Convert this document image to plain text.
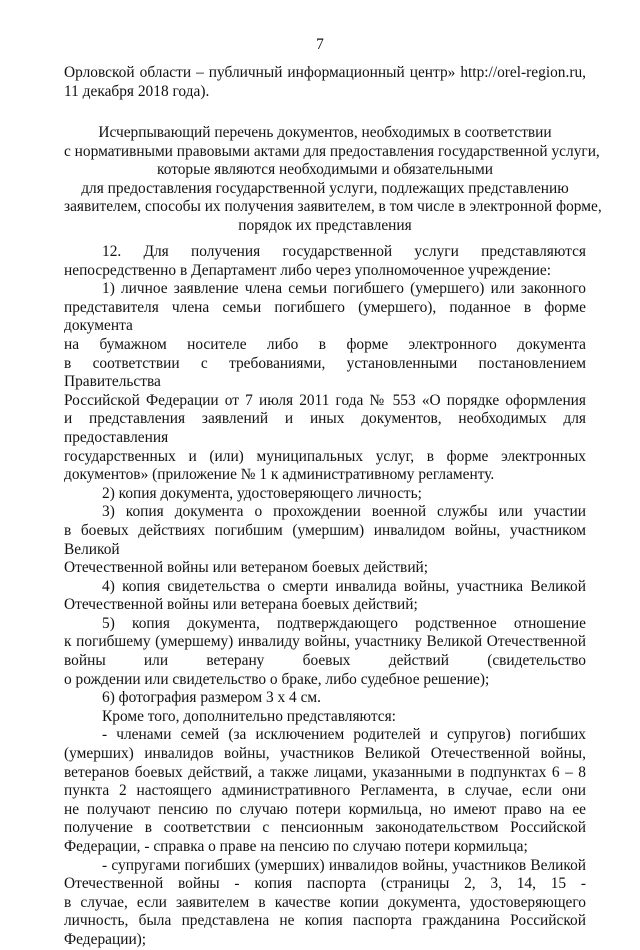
7
Орловской области – публичный информационный центр» http://orel-region.ru,
11 декабря 2018 года).
Исчерпывающий перечень документов, необходимых в соответствии
с нормативными правовыми актами для предоставления государственной услуги,
которые являются необходимыми и обязательными
для предоставления государственной услуги, подлежащих представлению
заявителем, способы их получения заявителем, в том числе в электронной форме,
порядок их представления
12. Для получения государственной услуги представляются
непосредственно в Департамент либо через уполномоченное учреждение:
1) личное заявление члена семьи погибшего (умершего) или законного
представителя члена семьи погибшего (умершего), поданное в форме документа
на бумажном носителе либо в форме электронного документа
в соответствии с требованиями, установленными постановлением Правительства
Российской Федерации от 7 июля 2011 года № 553 «О порядке оформления
и представления заявлений и иных документов, необходимых для предоставления
государственных и (или) муниципальных услуг, в форме электронных
документов» (приложение № 1 к административному регламенту.
2) копия документа, удостоверяющего личность;
3) копия документа о прохождении военной службы или участии
в боевых действиях погибшим (умершим) инвалидом войны, участником Великой
Отечественной войны или ветераном боевых действий;
4) копия свидетельства о смерти инвалида войны, участника Великой
Отечественной войны или ветерана боевых действий;
5) копия документа, подтверждающего родственное отношение
к погибшему (умершему) инвалиду войны, участнику Великой Отечественной
войны или ветерану боевых действий (свидетельство
о рождении или свидетельство о браке, либо судебное решение);
6) фотография размером 3 х 4 см.
Кроме того, дополнительно представляются:
- членами семей (за исключением родителей и супругов) погибших
(умерших) инвалидов войны, участников Великой Отечественной войны,
ветеранов боевых действий, а также лицами, указанными в подпунктах 6 – 8
пункта 2 настоящего административного Регламента, в случае, если они
не получают пенсию по случаю потери кормильца, но имеют право на ее
получение в соответствии с пенсионным законодательством Российской
Федерации, - справка о праве на пенсию по случаю потери кормильца;
- супругами погибших (умерших) инвалидов войны, участников Великой
Отечественной войны - копия паспорта (страницы 2, 3, 14, 15 -
в случае, если заявителем в качестве копии документа, удостоверяющего
личность, была представлена не копия паспорта гражданина Российской
Федерации);
